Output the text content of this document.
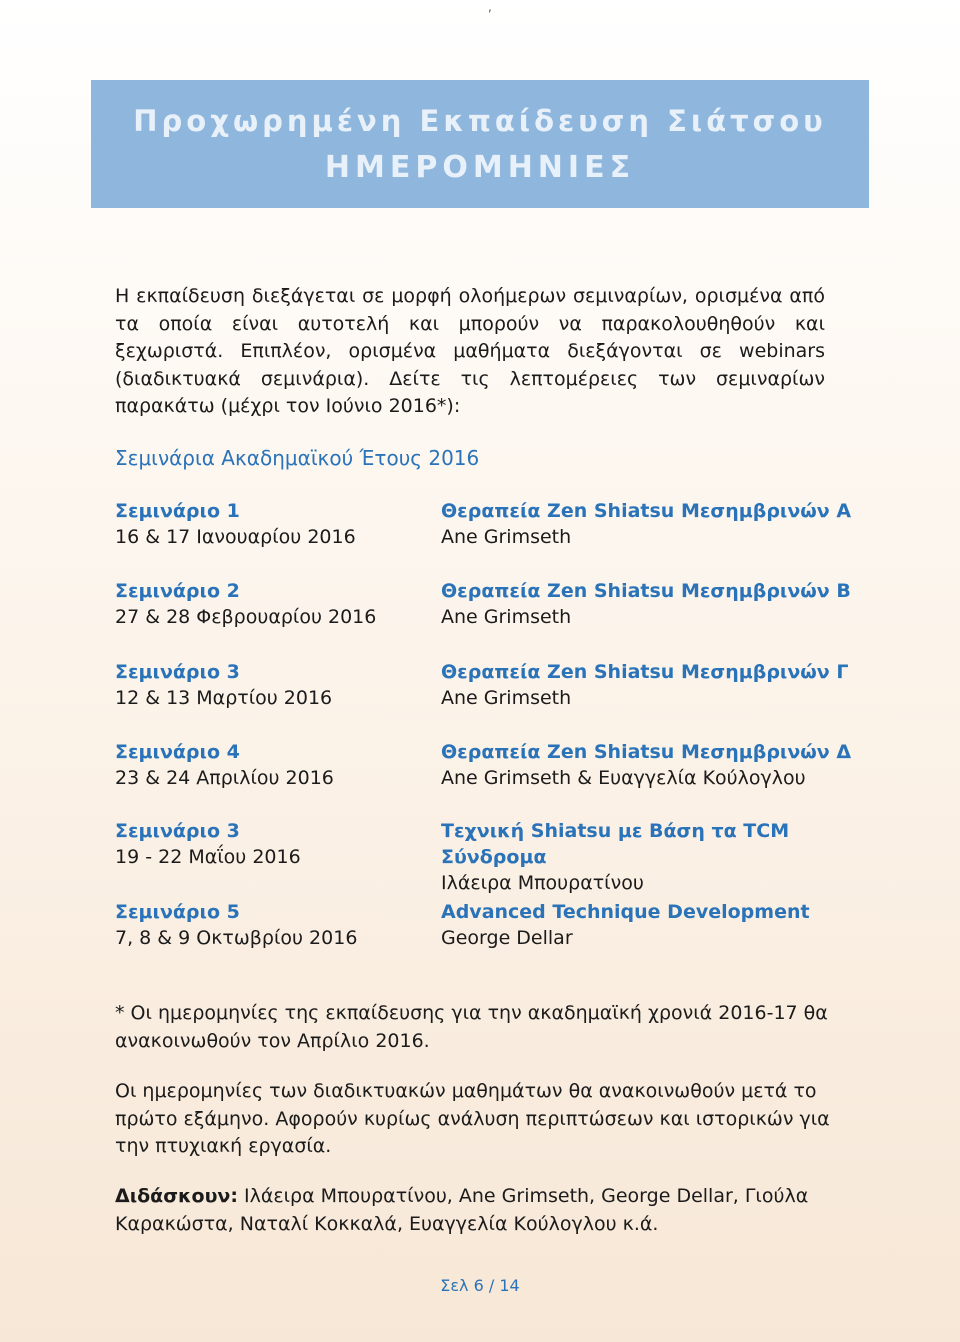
,
Προχωρημένη Εκπαίδευση Σιάτσου
ΗΜΕΡΟΜΗΝΙΕΣ
Η εκπαίδευση διεξάγεται σε μορφή ολοήμερων σεμιναρίων, ορισμένα από τα οποία είναι αυτοτελή και μπορούν να παρακολουθηθούν και ξεχωριστά. Επιπλέον, ορισμένα μαθήματα διεξάγονται σε webinars (διαδικτυακά σεμινάρια). Δείτε τις λεπτομέρειες των σεμιναρίων παρακάτω (μέχρι τον Ιούνιο 2016*):
Σεμινάρια Ακαδημαϊκού Έτους 2016
Σεμινάριο 1
16 & 17 Ιανουαρίου 2016
Θεραπεία Zen Shiatsu Μεσημβρινών Α
Ane Grimseth
Σεμινάριο 2
27 & 28 Φεβρουαρίου 2016
Θεραπεία Zen Shiatsu Μεσημβρινών Β
Ane Grimseth
Σεμινάριο 3
12 & 13 Μαρτίου 2016
Θεραπεία Zen Shiatsu Μεσημβρινών Γ
Ane Grimseth
Σεμινάριο 4
23 & 24 Απριλίου 2016
Θεραπεία Zen Shiatsu Μεσημβρινών Δ
Ane Grimseth & Ευαγγελία Κούλογλου
Σεμινάριο 3
19 - 22 Μαΐου 2016
Τεχνική Shiatsu με Βάση τα TCM Σύνδρομα
Ιλάειρα Μπουρατίνου
Σεμινάριο 5
7, 8 & 9 Οκτωβρίου 2016
Advanced Technique Development
George Dellar
* Οι ημερομηνίες της εκπαίδευσης για την ακαδημαϊκή χρονιά 2016-17 θα ανακοινωθούν τον Απρίλιο 2016.
Οι ημερομηνίες των διαδικτυακών μαθημάτων θα ανακοινωθούν μετά το πρώτο εξάμηνο. Αφορούν κυρίως ανάλυση περιπτώσεων και ιστορικών για την πτυχιακή εργασία.
Διδάσκουν: Ιλάειρα Μπουρατίνου, Ane Grimseth, George Dellar, Γιούλα Καρακώστα, Ναταλί Κοκκαλά, Ευαγγελία Κούλογλου κ.ά.
Σελ 6 / 14
